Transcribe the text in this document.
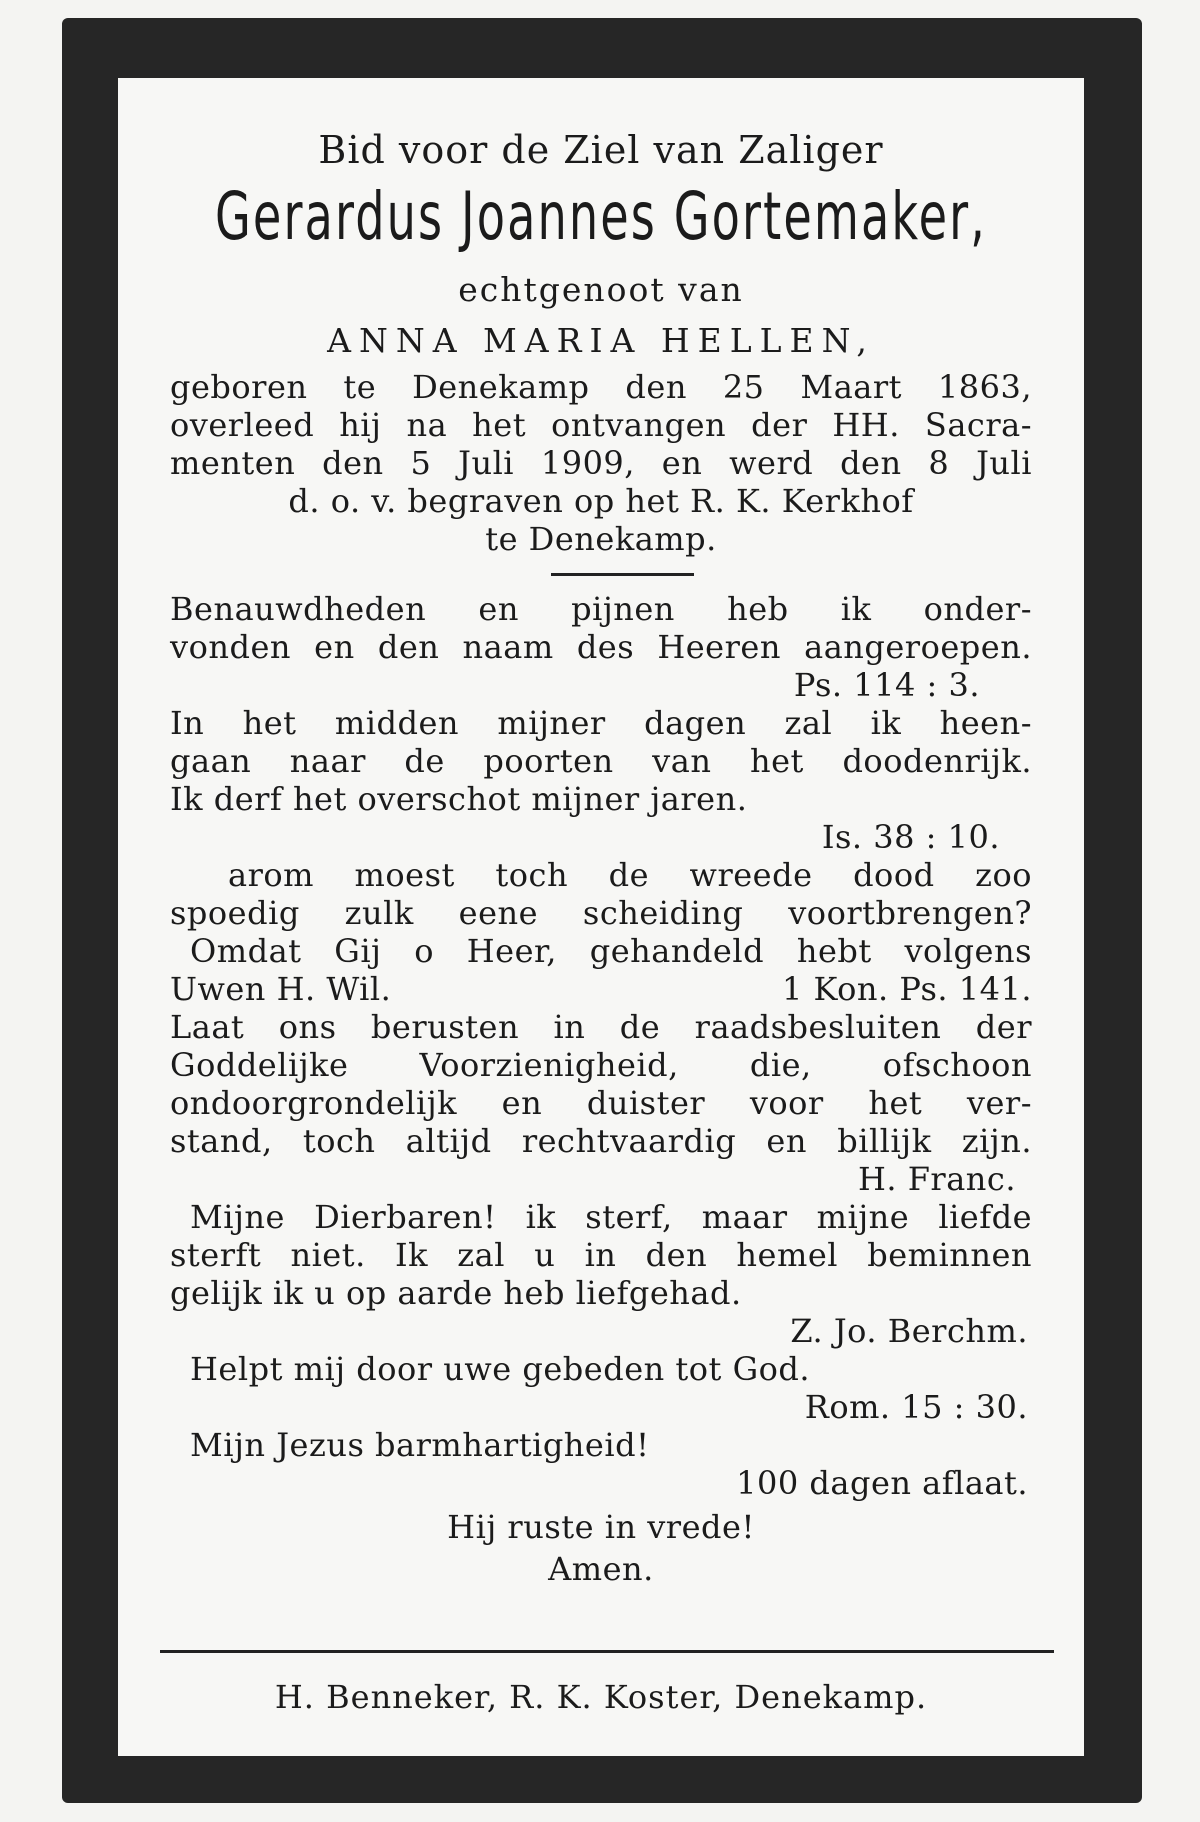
Bid voor de Ziel van Zaliger
Gerardus Joannes Gortemaker,
echtgenoot van
ANNA MARIA HELLEN,
geboren te Denekamp den 25 Maart 1863,
overleed hij na het ontvangen der HH. Sacra-
menten den 5 Juli 1909, en werd den 8 Juli
d. o. v. begraven op het R. K. Kerkhof
te Denekamp.
Benauwdheden en pijnen heb ik onder-
vonden en den naam des Heeren aangeroepen.
Ps. 114 : 3.
In het midden mijner dagen zal ik heen-
gaan naar de poorten van het doodenrijk.
Ik derf het overschot mijner jaren.
Is. 38 : 10.
arom moest toch de wreede dood zoo
spoedig zulk eene scheiding voortbrengen?
Omdat Gij o Heer, gehandeld hebt volgens
Uwen H. Wil.	1 Kon. Ps. 141.
Laat ons berusten in de raadsbesluiten der
Goddelijke Voorzienigheid, die, ofschoon
ondoorgrondelijk en duister voor het ver-
stand, toch altijd rechtvaardig en billijk zijn.
H. Franc.
Mijne Dierbaren! ik sterf, maar mijne liefde
sterft niet. Ik zal u in den hemel beminnen
gelijk ik u op aarde heb liefgehad.
Z. Jo. Berchm.
Helpt mij door uwe gebeden tot God.
Rom. 15 : 30.
Mijn Jezus barmhartigheid!
100 dagen aflaat.
Hij ruste in vrede!
Amen.
H. Benneker, R. K. Koster, Denekamp.
